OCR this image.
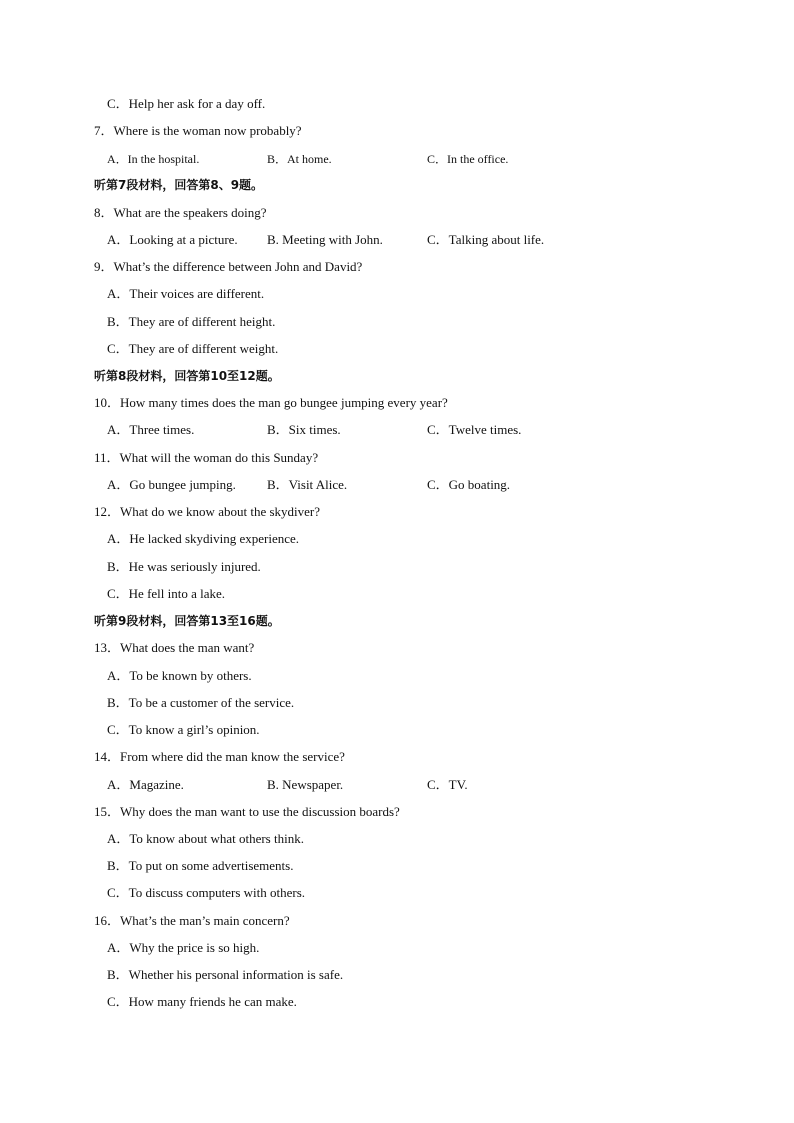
C．Help her ask for a day off.
7．Where is the woman now probably?
A．In the hospital.	B．At home.	C．In the office.
听第7段材料，回答第8、9题。
8．What are the speakers doing?
A．Looking at a picture. B. Meeting with John.	C．Talking about life.
9．What’s the difference between John and David?
A．Their voices are different.
B．They are of different height.
C．They are of different weight.
听第8段材料，回答第10至12题。
10．How many times does the man go bungee jumping every year?
A．Three times.	B．Six times.	C．Twelve times.
11．What will the woman do this Sunday?
A．Go bungee jumping. B．Visit Alice.	C．Go boating.
12．What do we know about the skydiver?
A．He lacked skydiving experience.
B．He was seriously injured.
C．He fell into a lake.
听第9段材料，回答第13至16题。
13．What does the man want?
A．To be known by others.
B．To be a customer of the service.
C．To know a girl’s opinion.
14．From where did the man know the service?
A．Magazine.	B. Newspaper.	C．TV.
15．Why does the man want to use the discussion boards?
A．To know about what others think.
B．To put on some advertisements.
C．To discuss computers with others.
16．What’s the man’s main concern?
A．Why the price is so high.
B．Whether his personal information is safe.
C．How many friends he can make.
